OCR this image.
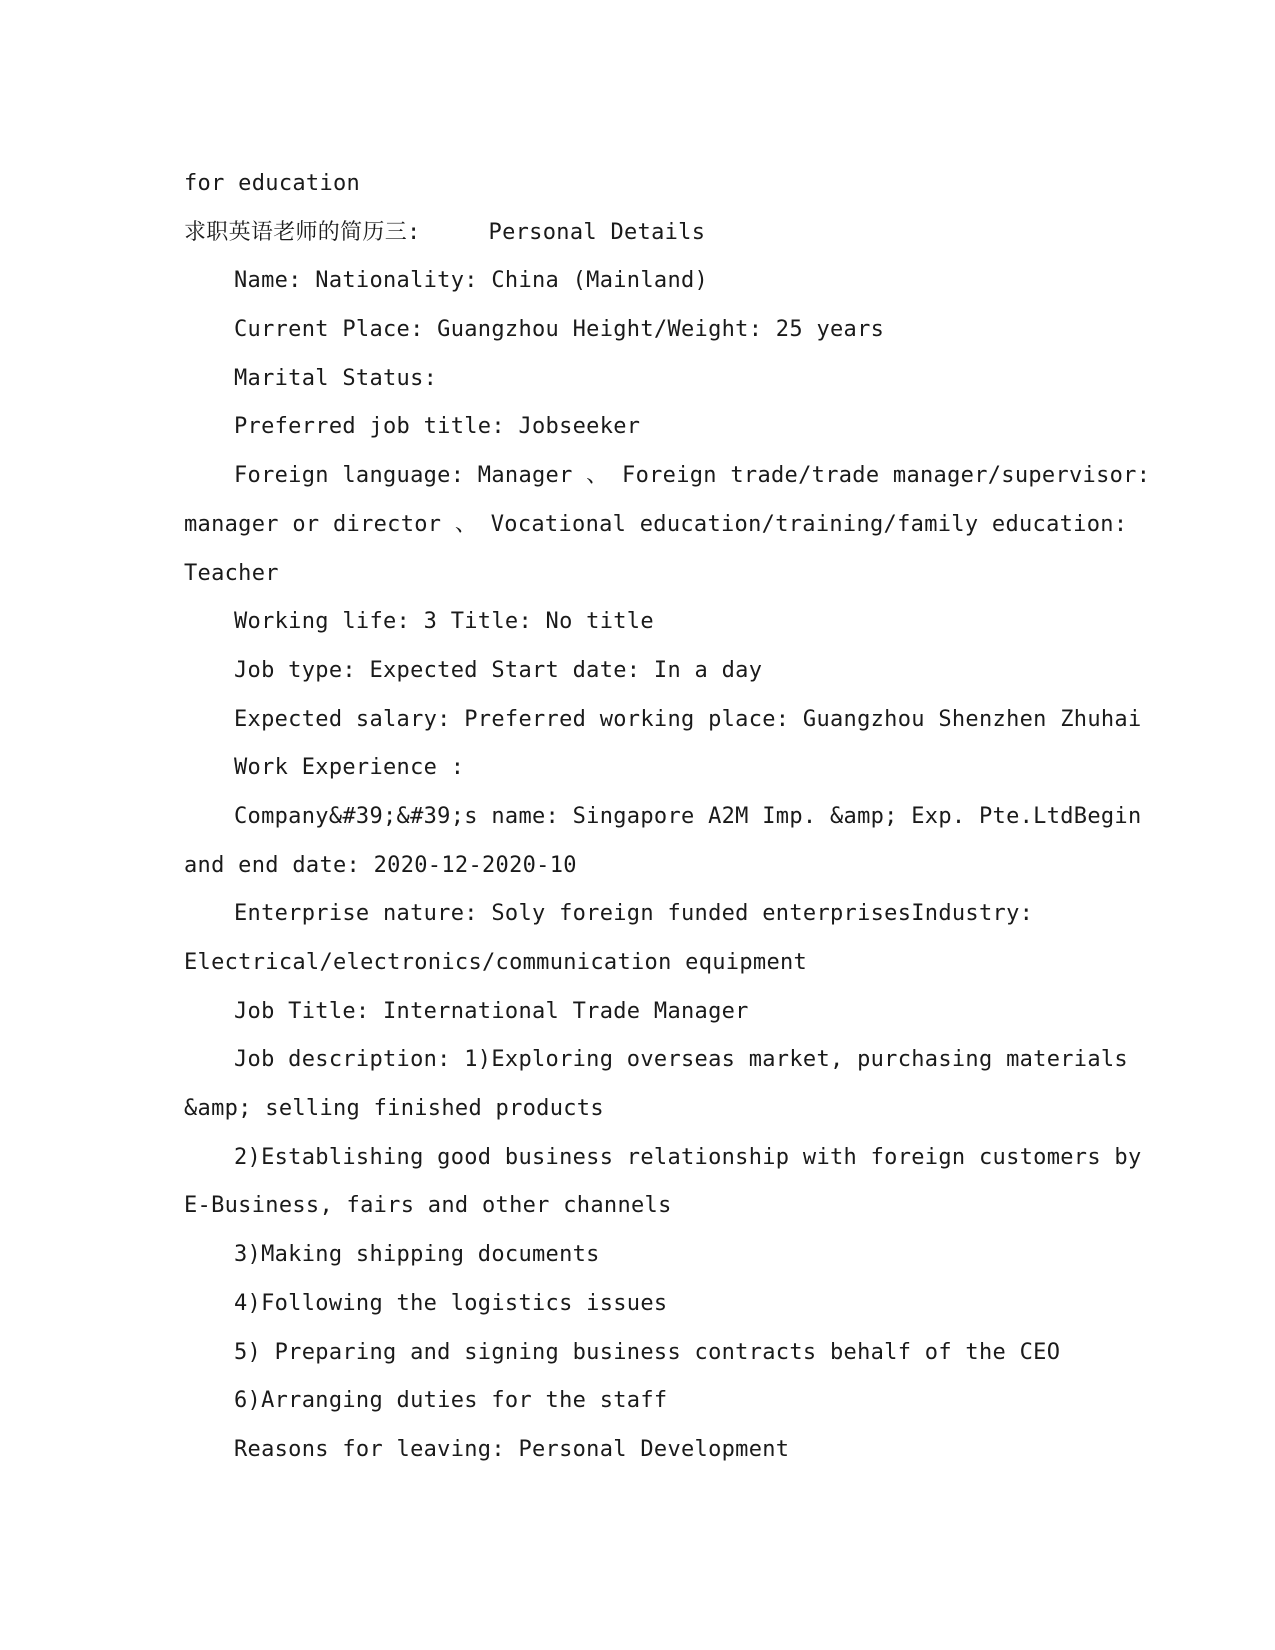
for education
求职英语老师的简历三:	Personal Details
Name: Nationality: China (Mainland)
Current Place: Guangzhou Height/Weight: 25 years
Marital Status:
Preferred job title: Jobseeker
Foreign language: Manager 、 Foreign trade/trade manager/supervisor:
manager or director 、 Vocational education/training/family education:
Teacher
Working life: 3 Title: No title
Job type: Expected Start date: In a day
Expected salary: Preferred working place: Guangzhou Shenzhen Zhuhai
Work Experience :
Company&#39;&#39;s name: Singapore A2M Imp. &amp; Exp. Pte.LtdBegin
and end date: 2020-12-2020-10
Enterprise nature: Soly foreign funded enterprisesIndustry:
Electrical/electronics/communication equipment
Job Title: International Trade Manager
Job description: 1)Exploring overseas market, purchasing materials
&amp; selling finished products
2)Establishing good business relationship with foreign customers by
E-Business, fairs and other channels
3)Making shipping documents
4)Following the logistics issues
5) Preparing and signing business contracts behalf of the CEO
6)Arranging duties for the staff
Reasons for leaving: Personal Development
